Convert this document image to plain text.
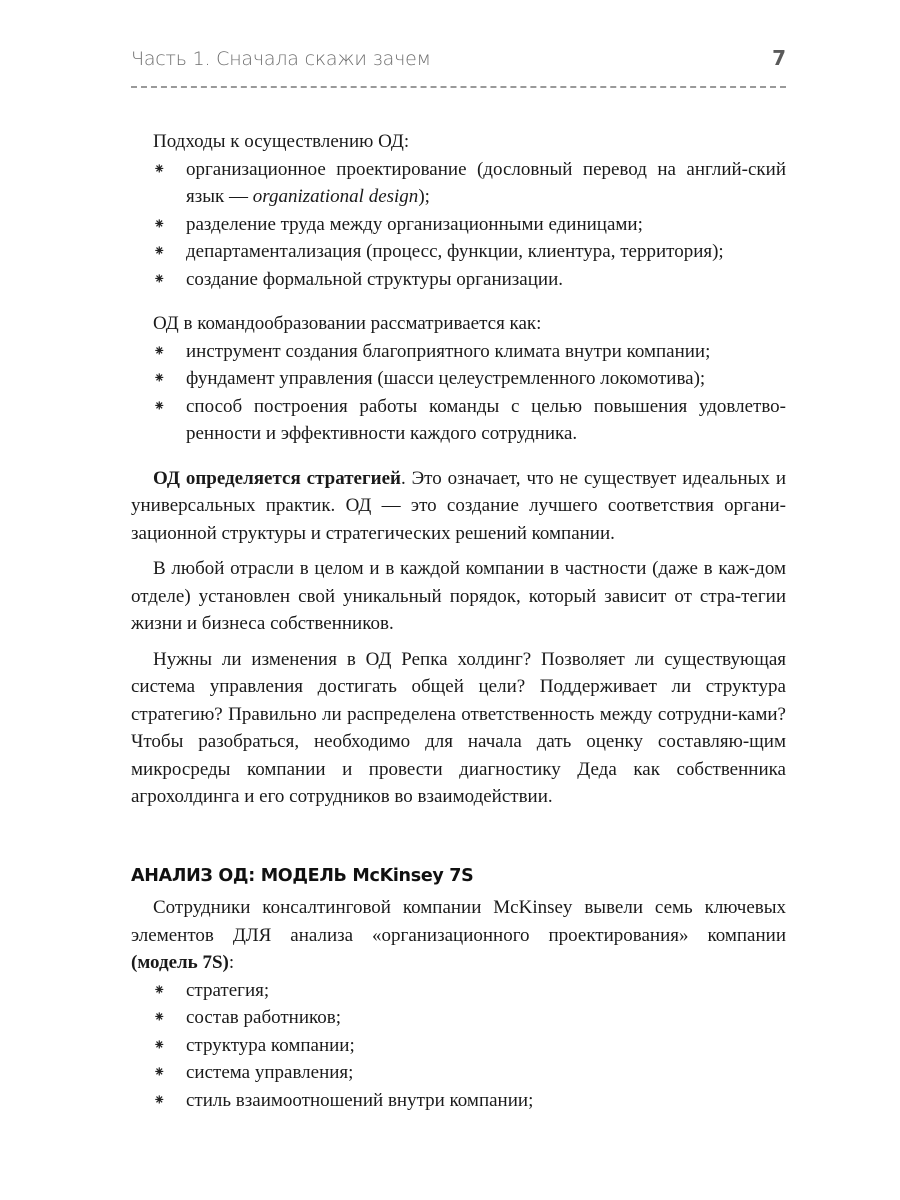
Часть 1. Сначала скажи зачем	7

Подходы к осуществлению ОД:

⁕	организационное проектирование (дословный перевод на англий-ский язык — organizational design);
⁕	разделение труда между организационными единицами;
⁕	департаментализация (процесс, функции, клиентура, территория);
⁕	создание формальной структуры организации.

ОД в командообразовании рассматривается как:

⁕	инструмент создания благоприятного климата внутри компании;
⁕	фундамент управления (шасси целеустремленного локомотива);
⁕	способ построения работы команды с целью повышения удовлетво-ренности и эффективности каждого сотрудника.

ОД определяется стратегией. Это означает, что не существует идеальных и универсальных практик. ОД — это создание лучшего соответствия органи-зационной структуры и стратегических решений компании.

В любой отрасли в целом и в каждой компании в частности (даже в каж-дом отделе) установлен свой уникальный порядок, который зависит от стра-тегии жизни и бизнеса собственников.

Нужны ли изменения в ОД Репка холдинг? Позволяет ли существующая система управления достигать общей цели? Поддерживает ли структура стратегию? Правильно ли распределена ответственность между сотрудни-ками? Чтобы разобраться, необходимо для начала дать оценку составляю-щим микросреды компании и провести диагностику Деда как собственника агрохолдинга и его сотрудников во взаимодействии.

АНАЛИЗ ОД: МОДЕЛЬ McKinsey 7S

Сотрудники консалтинговой компании McKinsey вывели семь ключевых элементов ДЛЯ анализа «организационного проектирования» компании (модель 7S):

⁕	стратегия;
⁕	состав работников;
⁕	структура компании;
⁕	система управления;
⁕	стиль взаимоотношений внутри компании;
